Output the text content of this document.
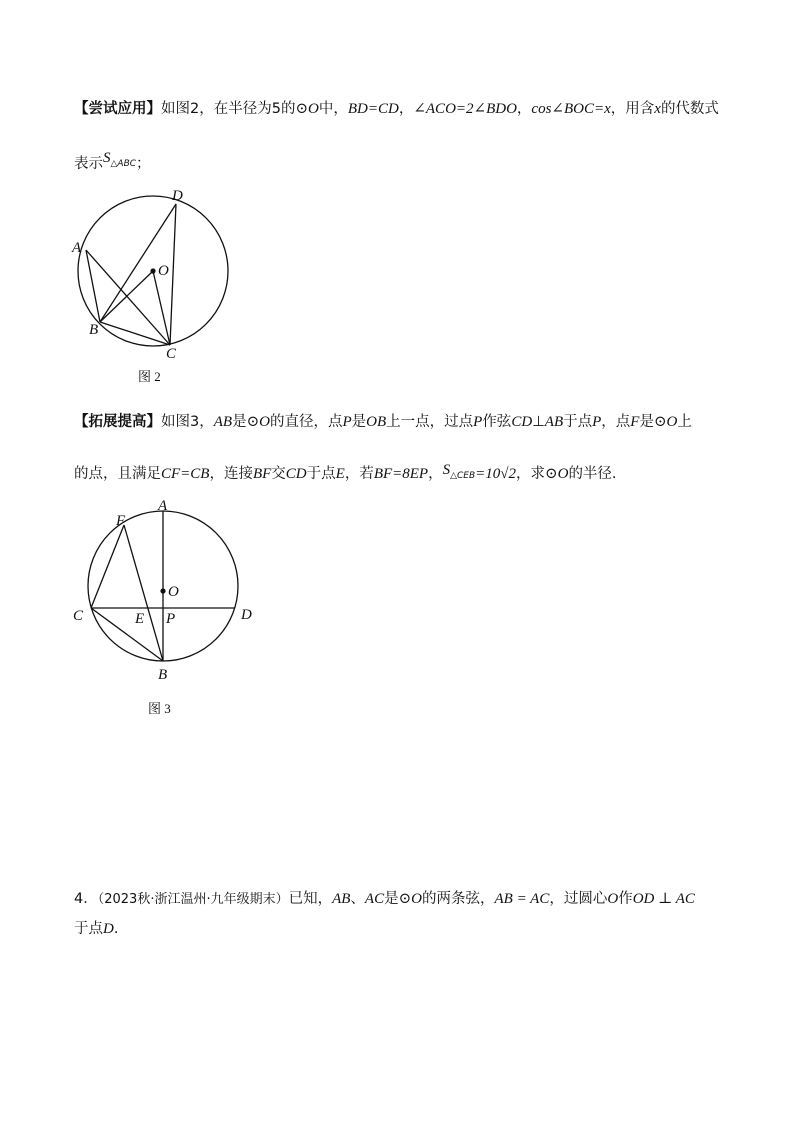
【尝试应用】如图2，在半径为5的⊙O中，BD=CD，∠ACO=2∠BDO，cos∠BOC=x，用含x的代数式
表示$S_{\triangle ABC}$；
D
A
O
B
C
图 2
【拓展提高】如图3，AB是⊙O的直径，点P是OB上一点，过点P作弦CD⊥AB于点P，点F是⊙O上
的点，且满足CF=CB，连接BF交CD于点E，若BF=8EP，$S_{\triangle CEB}=10√2$，求⊙O的半径.
A
F
O
C	E P	D
B
图 3
4．（2023秋·浙江温州·九年级期末）已知，AB、AC是⊙O的两条弦，AB = AC，过圆心O作OD ⊥ AC
于点D.
